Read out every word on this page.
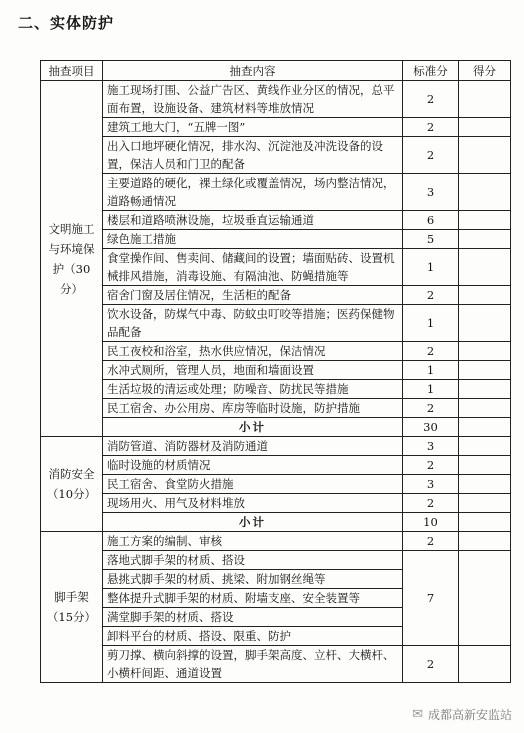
二、实体防护
抽查项目	抽查内容	标准分	得分
文明施工与环境保护（30分）	施工现场打围、公益广告区、黄线作业分区的情况，总平面布置，设施设备、建筑材料等堆放情况	2	
	建筑工地大门，“五牌一图”	2	
	出入口地坪硬化情况，排水沟、沉淀池及冲洗设备的设置，保洁人员和门卫的配备	2	
	主要道路的硬化，裸土绿化或覆盖情况，场内整洁情况，道路畅通情况	3	
	楼层和道路喷淋设施，垃圾垂直运输通道	6	
	绿色施工措施	5	
	食堂操作间、售卖间、储藏间的设置；墙面贴砖、设置机械排风措施，消毒设施、有隔油池、防蝇措施等	1	
	宿舍门窗及居住情况，生活柜的配备	2	
	饮水设备，防煤气中毒、防蚊虫叮咬等措施；医药保健物品配备	1	
	民工夜校和浴室，热水供应情况，保洁情况	2	
	水冲式厕所，管理人员，地面和墙面设置	1	
	生活垃圾的清运或处理；防噪音、防扰民等措施	1	
	民工宿舍、办公用房、库房等临时设施，防护措施	2	
	小计	30	
消防安全（10分）	消防管道、消防器材及消防通道	3	
	临时设施的材质情况	2	
	民工宿舍、食堂防火措施	3	
	现场用火、用气及材料堆放	2	
	小计	10	
脚手架（15分）	施工方案的编制、审核	2	
	落地式脚手架的材质、搭设	7	
	悬挑式脚手架的材质、挑梁、附加钢丝绳等		
	整体提升式脚手架的材质、附墙支座、安全装置等		
	满堂脚手架的材质、搭设		
	卸料平台的材质、搭设、限重、防护		
	剪刀撑、横向斜撑的设置，脚手架高度、立杆、大横杆、小横杆间距、通道设置	2	
✉ 成都高新安监站
